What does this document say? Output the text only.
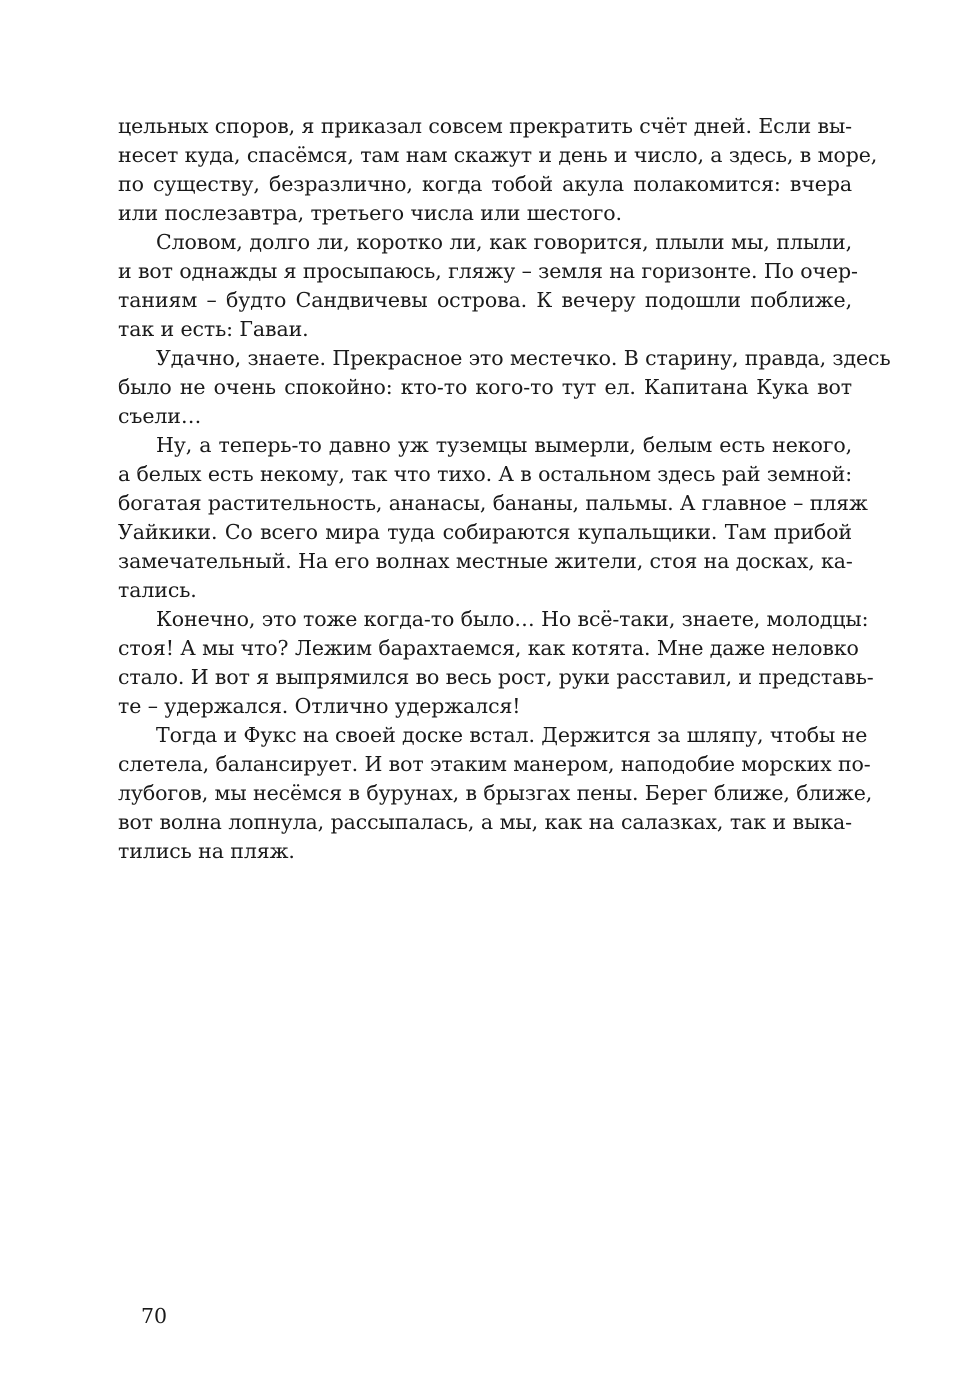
цельных споров, я приказал совсем прекратить счёт дней. Если вы-
несет куда, спасёмся, там нам скажут и день и число, а здесь, в море,
по существу, безразлично, когда тобой акула полакомится: вчера
или послезавтра, третьего числа или шестого.
Словом, долго ли, коротко ли, как говорится, плыли мы, плыли,
и вот однажды я просыпаюсь, гляжу – земля на горизонте. По очер-
таниям – будто Сандвичевы острова. К вечеру подошли поближе,
так и есть: Гаваи.
Удачно, знаете. Прекрасное это местечко. В старину, правда, здесь
было не очень спокойно: кто-то кого-то тут ел. Капитана Кука вот
съели…
Ну, а теперь-то давно уж туземцы вымерли, белым есть некого,
а белых есть некому, так что тихо. А в остальном здесь рай земной:
богатая растительность, ананасы, бананы, пальмы. А главное – пляж
Уайкики. Со всего мира туда собираются купальщики. Там прибой
замечательный. На его волнах местные жители, стоя на досках, ка-
тались.
Конечно, это тоже когда-то было… Но всё-таки, знаете, молодцы:
стоя! А мы что? Лежим барахтаемся, как котята. Мне даже неловко
стало. И вот я выпрямился во весь рост, руки расставил, и представь-
те – удержался. Отлично удержался!
Тогда и Фукс на своей доске встал. Держится за шляпу, чтобы не
слетела, балансирует. И вот этаким манером, наподобие морских по-
лубогов, мы несёмся в бурунах, в брызгах пены. Берег ближе, ближе,
вот волна лопнула, рассыпалась, а мы, как на салазках, так и выка-
тились на пляж.
70
